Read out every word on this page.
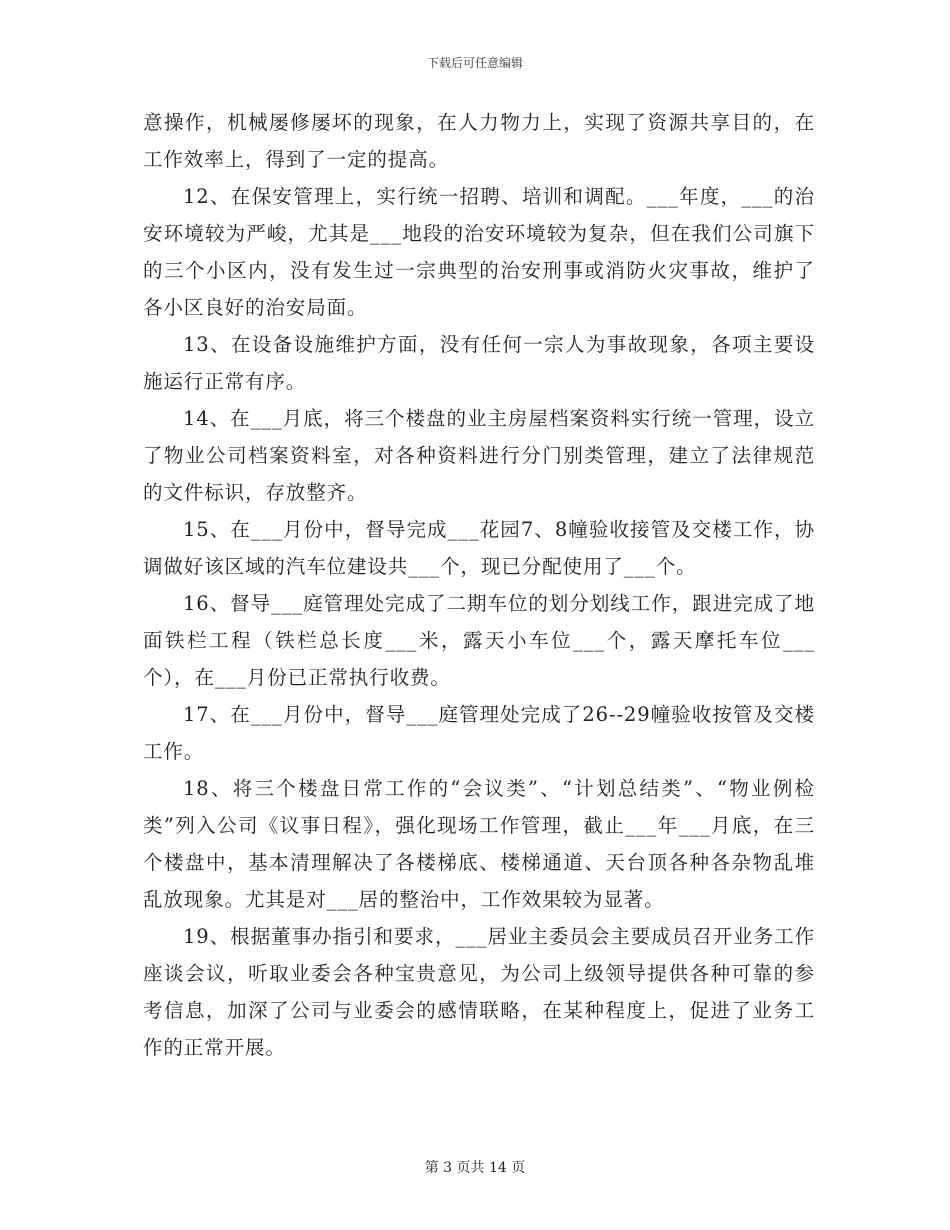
下载后可任意编辑

意操作，机械屡修屡坏的现象，在人力物力上，实现了资源共享目的，在工作效率上，得到了一定的提高。

12、在保安管理上，实行统一招聘、培训和调配。___年度，___的治安环境较为严峻，尤其是___地段的治安环境较为复杂，但在我们公司旗下的三个小区内，没有发生过一宗典型的治安刑事或消防火灾事故，维护了各小区良好的治安局面。

13、在设备设施维护方面，没有任何一宗人为事故现象，各项主要设施运行正常有序。

14、在___月底，将三个楼盘的业主房屋档案资料实行统一管理，设立了物业公司档案资料室，对各种资料进行分门别类管理，建立了法律规范的文件标识，存放整齐。

15、在___月份中，督导完成___花园7、8幢验收接管及交楼工作，协调做好该区域的汽车位建设共___个，现已分配使用了___个。

16、督导___庭管理处完成了二期车位的划分划线工作，跟进完成了地面铁栏工程（铁栏总长度___米，露天小车位___个，露天摩托车位___个），在___月份已正常执行收费。

17、在___月份中，督导___庭管理处完成了26--29幢验收按管及交楼工作。

18、将三个楼盘日常工作的“会议类”、“计划总结类”、“物业例检类”列入公司《议事日程》，强化现场工作管理，截止___年___月底，在三个楼盘中，基本清理解决了各楼梯底、楼梯通道、天台顶各种各杂物乱堆乱放现象。尤其是对___居的整治中，工作效果较为显著。

19、根据董事办指引和要求，___居业主委员会主要成员召开业务工作座谈会议，听取业委会各种宝贵意见，为公司上级领导提供各种可靠的参考信息，加深了公司与业委会的感情联略，在某种程度上，促进了业务工作的正常开展。

第 3 页共 14 页
